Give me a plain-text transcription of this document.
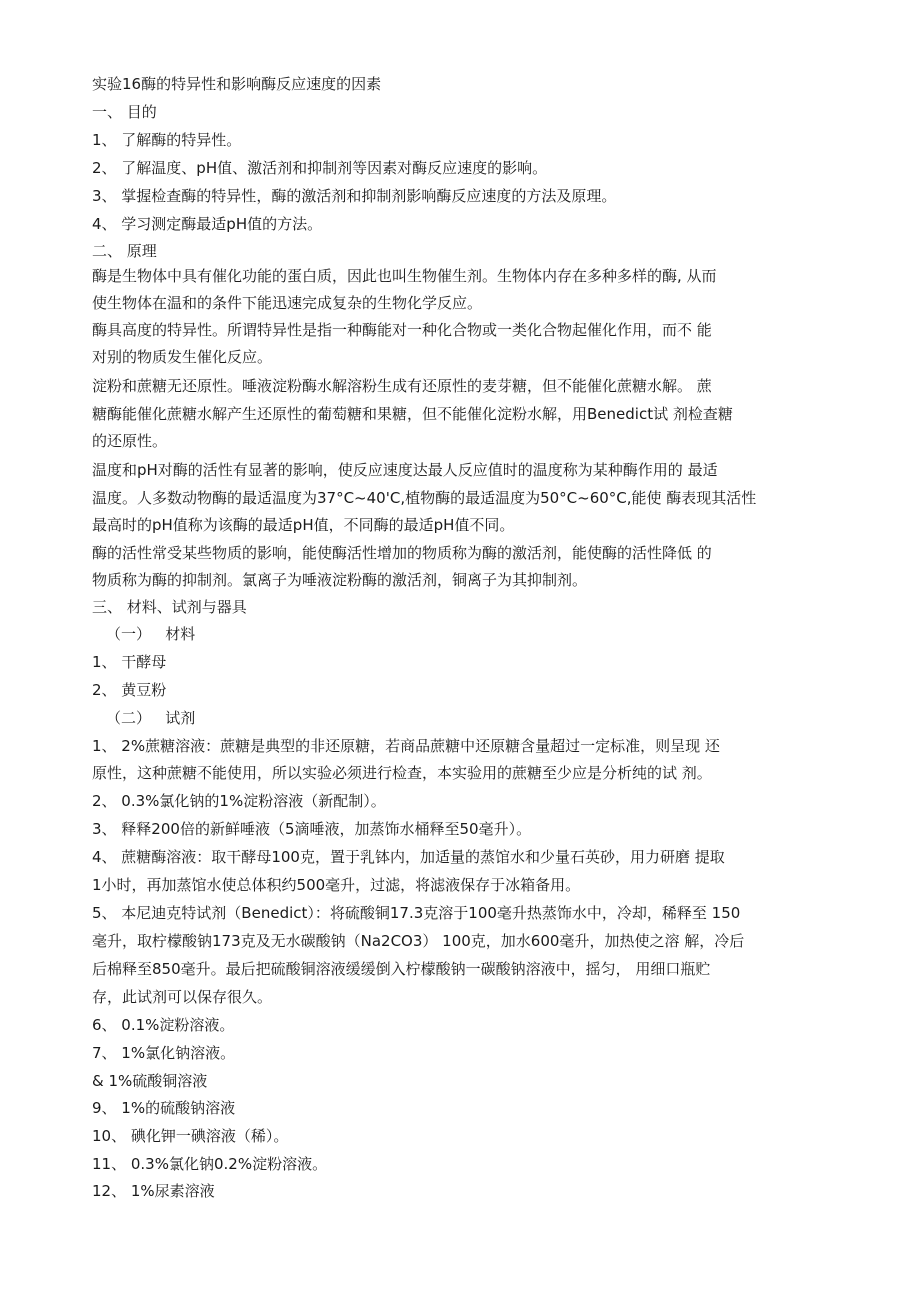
实验16酶的特异性和影响酶反应速度的因素
一、 目的
1、 了解酶的特异性。
2、 了解温度、pH值、激活剂和抑制剂等因素对酶反应速度的影响。
3、 掌握检查酶的特异性，酶的激活剂和抑制剂影响酶反应速度的方法及原理。
4、 学习测定酶最适pH值的方法。
二、 原理
酶是生物体中具有催化功能的蛋白质，因此也叫生物催生剂。生物体内存在多种多样的酶, 从而
使生物体在温和的条件下能迅速完成复杂的生物化学反应。
酶具高度的特异性。所谓特异性是指一种酶能对一种化合物或一类化合物起催化作用，而不 能
对别的物质发生催化反应。
淀粉和蔗糖无还原性。唾液淀粉酶水解溶粉生成有还原性的麦芽糖，但不能催化蔗糖水解。 蔗
糖酶能催化蔗糖水解产生还原性的葡萄糖和果糖，但不能催化淀粉水解，用Benedict试 剂检查糖
的还原性。
温度和pH对酶的活性有显著的影响，使反应速度达最人反应值时的温度称为某种酶作用的 最适
温度。人多数动物酶的最适温度为37°C~40'C,植物酶的最适温度为50°C~60°C,能使 酶表现其活性
最高时的pH值称为该酶的最适pH值，不同酶的最适pH值不同。
酶的活性常受某些物质的影响，能使酶活性增加的物质称为酶的激活剂，能使酶的活性降低 的
物质称为酶的抑制剂。氯离子为唾液淀粉酶的激活剂，铜离子为其抑制剂。
三、 材料、试剂与器具
（一）   材料
1、 干酵母
2、 黄豆粉
（二）   试剂
1、 2%蔗糖溶液：蔗糖是典型的非还原糖，若商品蔗糖中还原糖含量超过一定标准，则呈现 还
原性，这种蔗糖不能使用，所以实验必须进行检查，本实验用的蔗糖至少应是分析纯的试 剂。
2、 0.3%氯化钠的1%淀粉溶液（新配制）。
3、 释释200倍的新鲜唾液（5滴唾液，加蒸饰水桶释至50毫升）。
4、 蔗糖酶溶液：取干酵母100克，置于乳钵内，加适量的蒸馆水和少量石英砂，用力研磨 提取
1小时，再加蒸馆水使总体积约500毫升，过滤，将滤液保存于冰箱备用。
5、 本尼迪克特试剂（Benedict）：将硫酸铜17.3克溶于100毫升热蒸饰水中，冷却，稀释至 150
毫升，取柠檬酸钠173克及无水碳酸钠（Na2CO3） 100克，加水600毫升，加热使之溶 解，冷后
后棉释至850毫升。最后把硫酸铜溶液缓缓倒入柠檬酸钠一碳酸钠溶液中，摇匀， 用细口瓶贮
存，此试剂可以保存很久。
6、 0.1%淀粉溶液。
7、 1%氯化钠溶液。
& 1%硫酸铜溶液
9、 1%的硫酸钠溶液
10、 碘化钾一碘溶液（稀）。
11、 0.3%氯化钠0.2%淀粉溶液。
12、 1%尿素溶液
